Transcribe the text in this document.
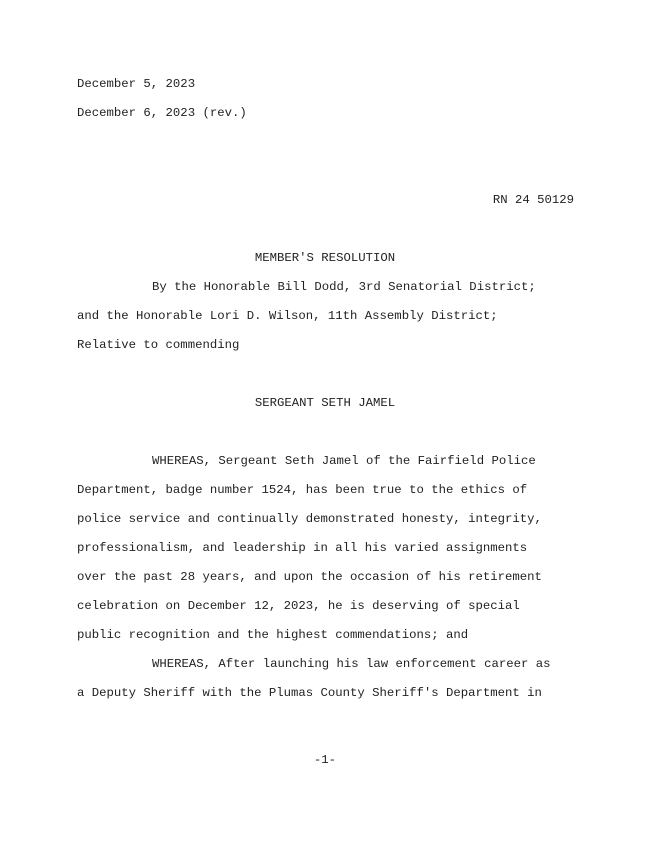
December 5, 2023
December 6, 2023 (rev.)
RN 24 50129
MEMBER'S RESOLUTION
By the Honorable Bill Dodd, 3rd Senatorial District;
and the Honorable Lori D. Wilson, 11th Assembly District;
Relative to commending
SERGEANT SETH JAMEL
WHEREAS, Sergeant Seth Jamel of the Fairfield Police
Department, badge number 1524, has been true to the ethics of
police service and continually demonstrated honesty, integrity,
professionalism, and leadership in all his varied assignments
over the past 28 years, and upon the occasion of his retirement
celebration on December 12, 2023, he is deserving of special
public recognition and the highest commendations; and
WHEREAS, After launching his law enforcement career as
a Deputy Sheriff with the Plumas County Sheriff's Department in
-1-
